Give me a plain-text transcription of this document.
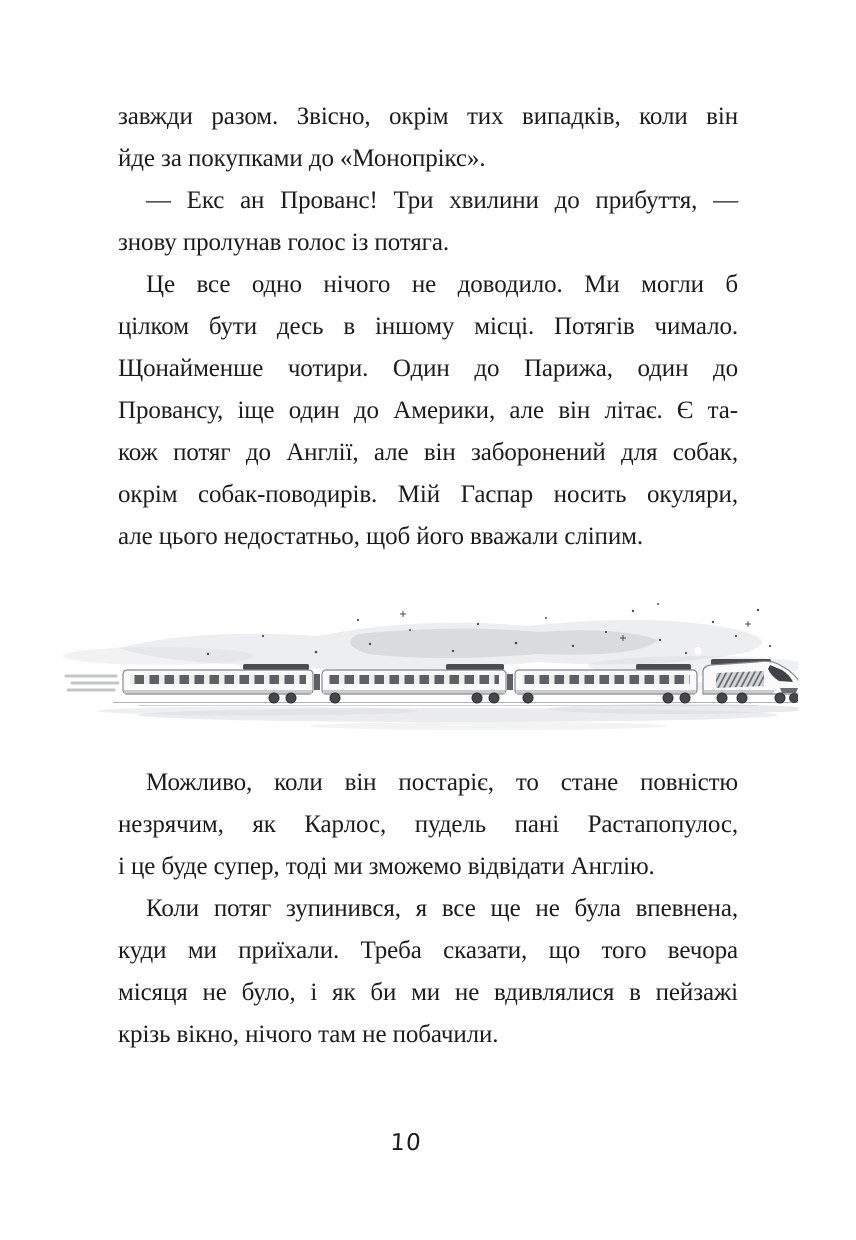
завжди разом. Звісно, окрім тих випадків, коли він
йде за покупками до «Монопрікс».
— Екс ан Прованс! Три хвилини до прибуття, —
знову пролунав голос із потяга.
Це все одно нічого не доводило. Ми могли б
цілком бути десь в іншому місці. Потягів чимало.
Щонайменше чотири. Один до Парижа, один до
Провансу, іще один до Америки, але він літає. Є та-
кож потяг до Англії, але він заборонений для собак,
окрім собак-поводирів. Мій Гаспар носить окуляри,
але цього недостатньо, щоб його вважали сліпим.
Можливо, коли він постаріє, то стане повністю
незрячим, як Карлос, пудель пані Растапопулос,
і це буде супер, тоді ми зможемо відвідати Англію.
Коли потяг зупинився, я все ще не була впевнена,
куди ми приїхали. Треба сказати, що того вечора
місяця не було, і як би ми не вдивлялися в пейзажі
крізь вікно, нічого там не побачили.
10
